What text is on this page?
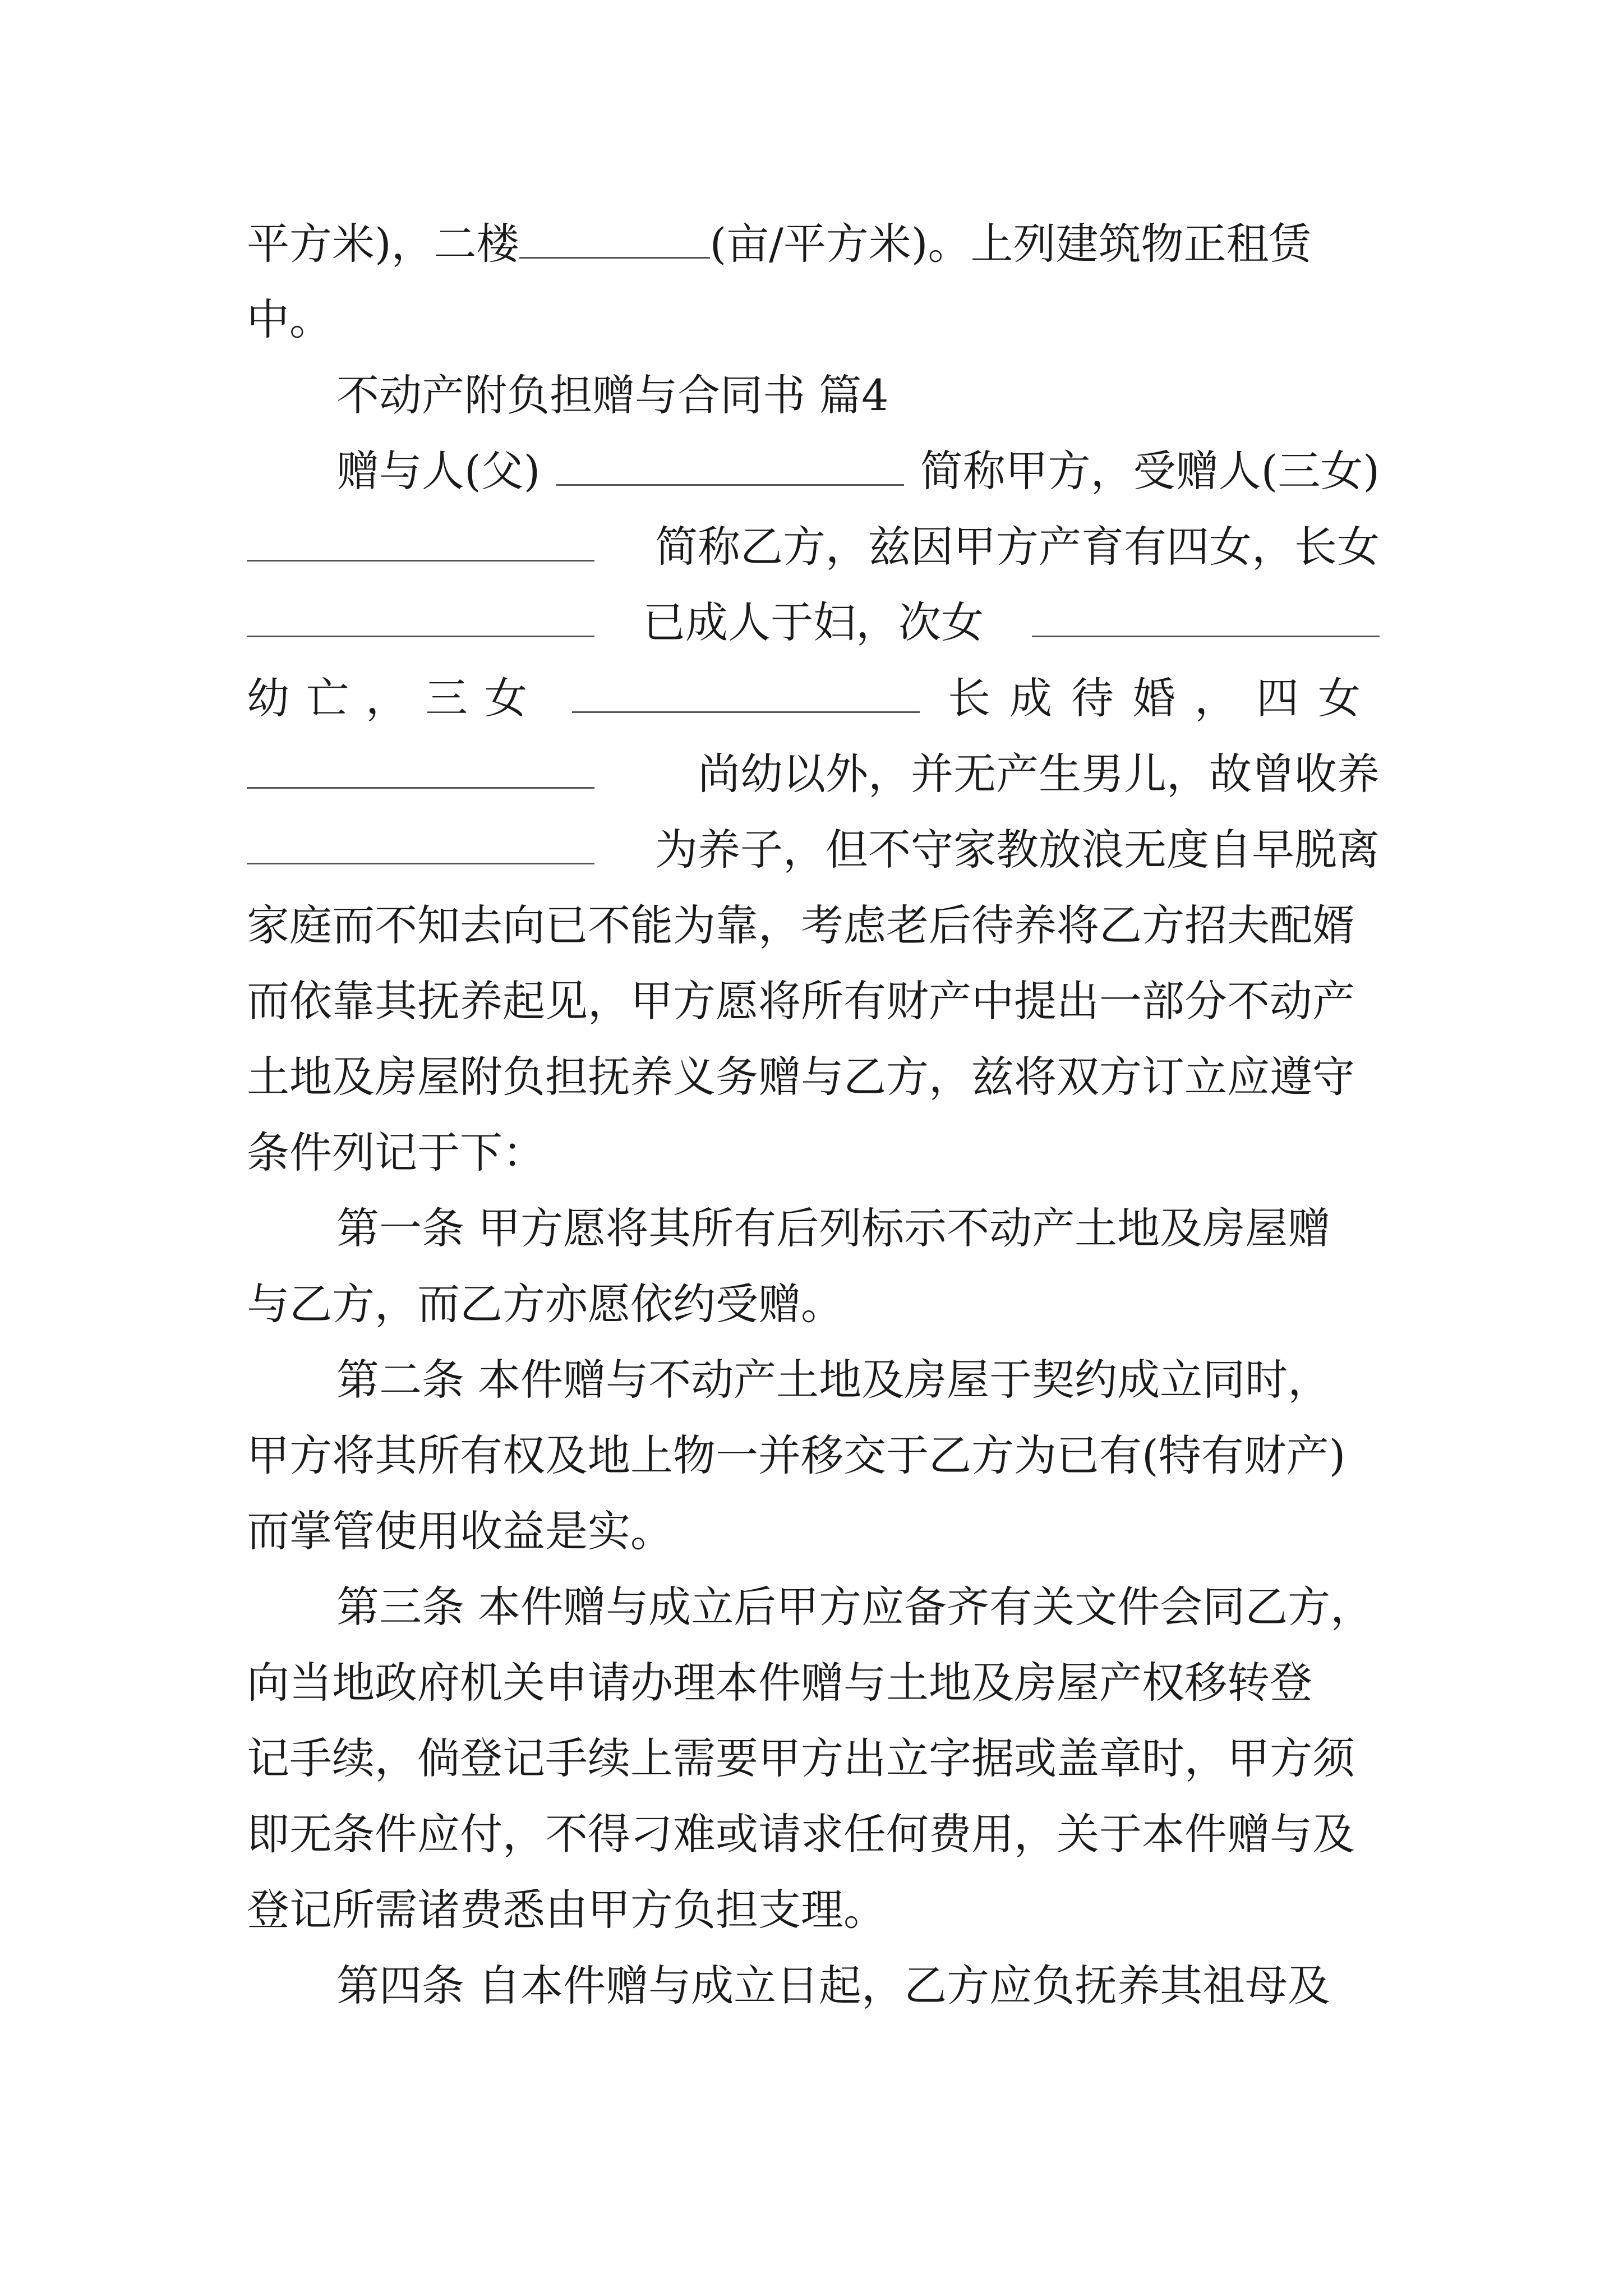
平方米)，二楼	(亩/平方米)。上列建筑物正租赁
中。
不动产附负担赠与合同书 篇4
赠与人(父)	简称甲方，受赠人(三女)
简称乙方，兹因甲方产育有四女，长女
已成人于妇，次女
幼亡，三女	长成待婚，四女
尚幼以外，并无产生男儿，故曾收养
为养子，但不守家教放浪无度自早脱离
家庭而不知去向已不能为靠，考虑老后待养将乙方招夫配婿
而依靠其抚养起见，甲方愿将所有财产中提出一部分不动产
土地及房屋附负担抚养义务赠与乙方，兹将双方订立应遵守
条件列记于下：
第一条 甲方愿将其所有后列标示不动产土地及房屋赠
与乙方，而乙方亦愿依约受赠。
第二条 本件赠与不动产土地及房屋于契约成立同时，
甲方将其所有权及地上物一并移交于乙方为已有(特有财产)
而掌管使用收益是实。
第三条 本件赠与成立后甲方应备齐有关文件会同乙方，
向当地政府机关申请办理本件赠与土地及房屋产权移转登
记手续，倘登记手续上需要甲方出立字据或盖章时，甲方须
即无条件应付，不得刁难或请求任何费用，关于本件赠与及
登记所需诸费悉由甲方负担支理。
第四条 自本件赠与成立日起，乙方应负抚养其祖母及
